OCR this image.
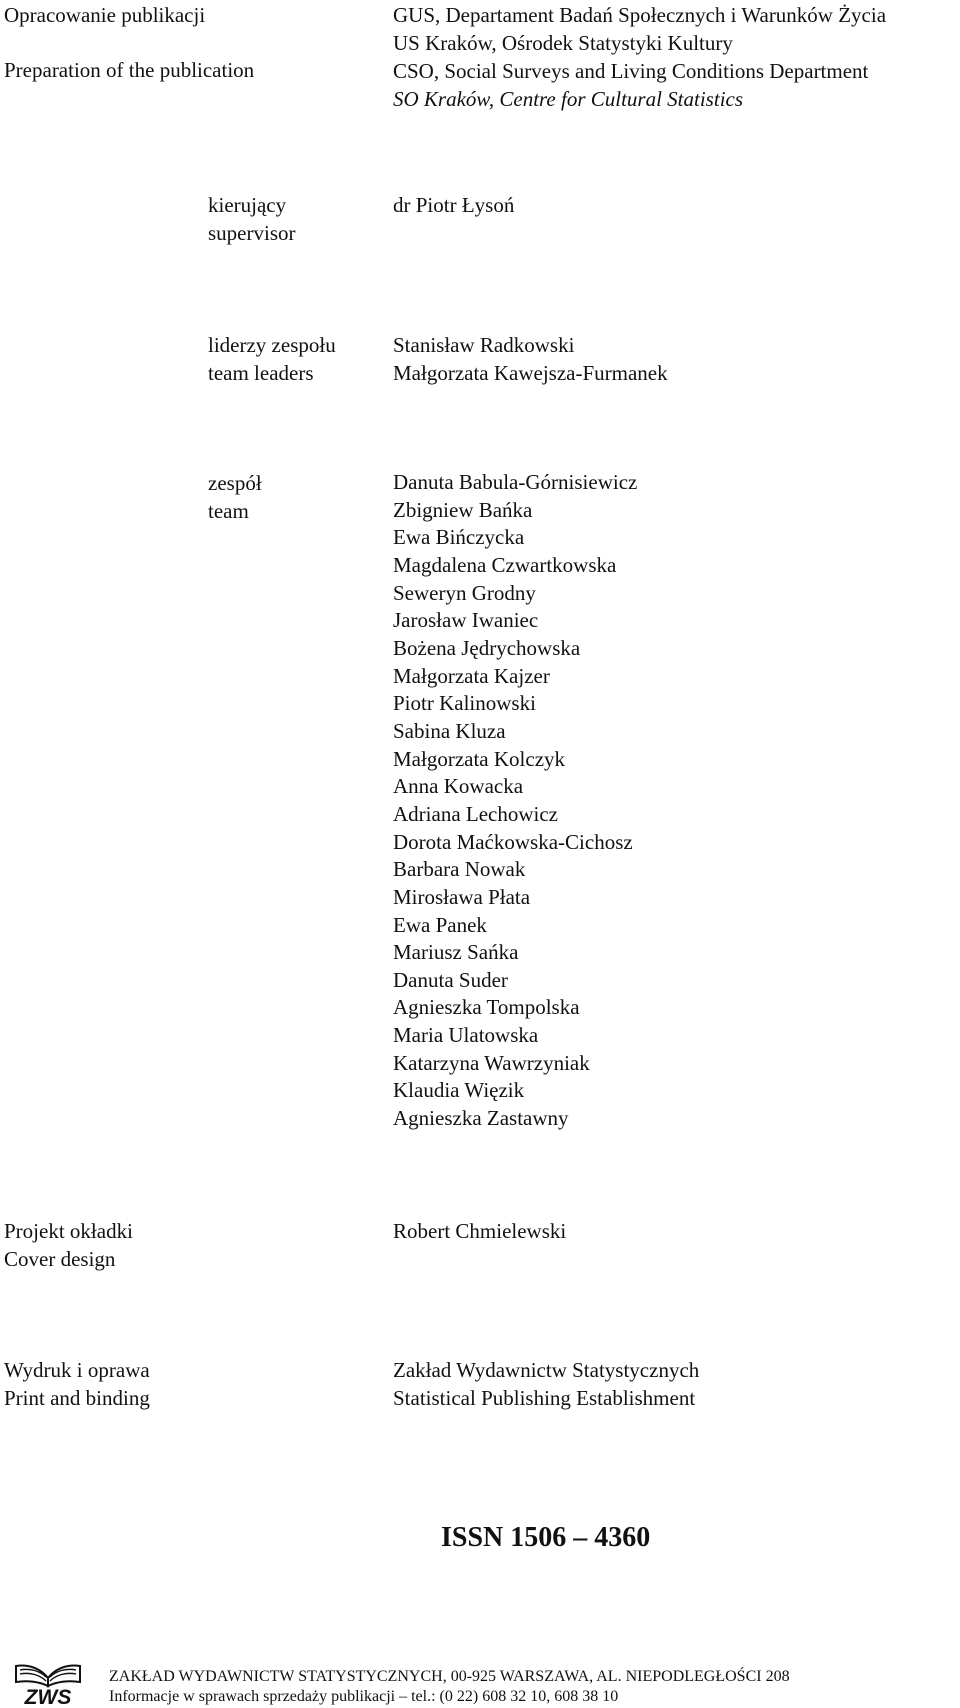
Opracowanie publikacji
Preparation of the publication
GUS, Departament Badań Społecznych i Warunków Życia
US Kraków, Ośrodek Statystyki Kultury
CSO, Social Surveys and Living Conditions Department
SO Kraków, Centre for Cultural Statistics
kierujący
supervisor
dr Piotr Łysoń
liderzy zespołu
team leaders
Stanisław Radkowski
Małgorzata Kawejsza-Furmanek
zespół
team
Danuta Babula-Górnisiewicz
Zbigniew Bańka
Ewa Bińczycka
Magdalena Czwartkowska
Seweryn Grodny
Jarosław Iwaniec
Bożena Jędrychowska
Małgorzata Kajzer
Piotr Kalinowski
Sabina Kluza
Małgorzata Kolczyk
Anna Kowacka
Adriana Lechowicz
Dorota Maćkowska-Cichosz
Barbara Nowak
Mirosława Płata
Ewa Panek
Mariusz Sańka
Danuta Suder
Agnieszka Tompolska
Maria Ulatowska
Katarzyna Wawrzyniak
Klaudia Więzik
Agnieszka Zastawny
Projekt okładki
Cover design
Robert Chmielewski
Wydruk i oprawa
Print and binding
Zakład Wydawnictw Statystycznych
Statistical Publishing Establishment
ISSN 1506 – 4360
ZWS
ZAKŁAD WYDAWNICTW STATYSTYCZNYCH, 00-925 WARSZAWA, AL. NIEPODLEGŁOŚCI 208
Informacje w sprawach sprzedaży publikacji – tel.: (0 22) 608 32 10, 608 38 10
